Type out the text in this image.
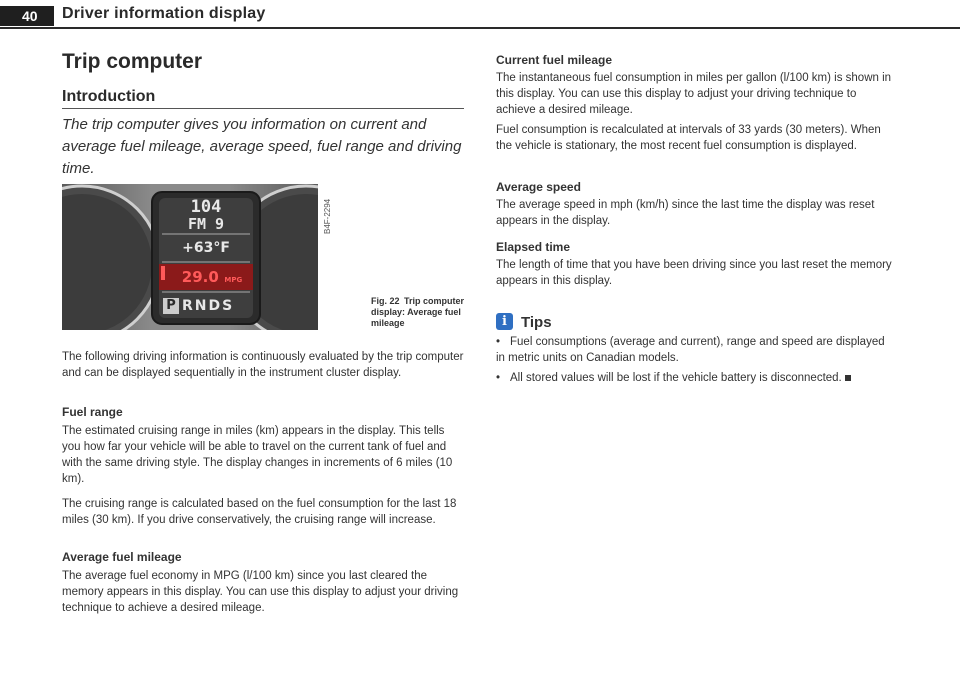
40	Driver information display
Trip computer
Introduction

The trip computer gives you information on current and average fuel mileage, average speed, fuel range and driving time.

104
FM 9
+63°F
29.0 MPG
P RNDS
B4F-2294

Fig. 22 Trip computer display: Average fuel mileage

The following driving information is continuously evaluated by the trip computer and can be displayed sequentially in the instrument cluster display.

Fuel range

The estimated cruising range in miles (km) appears in the display. This tells you how far your vehicle will be able to travel on the current tank of fuel and with the same driving style. The display changes in increments of 6 miles (10 km).

The cruising range is calculated based on the fuel consumption for the last 18 miles (30 km). If you drive conservatively, the cruising range will increase.

Average fuel mileage

The average fuel economy in MPG (l/100 km) since you last cleared the memory appears in this display. You can use this display to adjust your driving technique to achieve a desired mileage.

Current fuel mileage

The instantaneous fuel consumption in miles per gallon (l/100 km) is shown in this display. You can use this display to adjust your driving technique to achieve a desired mileage.

Fuel consumption is recalculated at intervals of 33 yards (30 meters). When the vehicle is stationary, the most recent fuel consumption is displayed.

Average speed

The average speed in mph (km/h) since the last time the display was reset appears in the display.

Elapsed time

The length of time that you have been driving since you last reset the memory appears in this display.

i Tips
• Fuel consumptions (average and current), range and speed are displayed in metric units on Canadian models.
• All stored values will be lost if the vehicle battery is disconnected.
